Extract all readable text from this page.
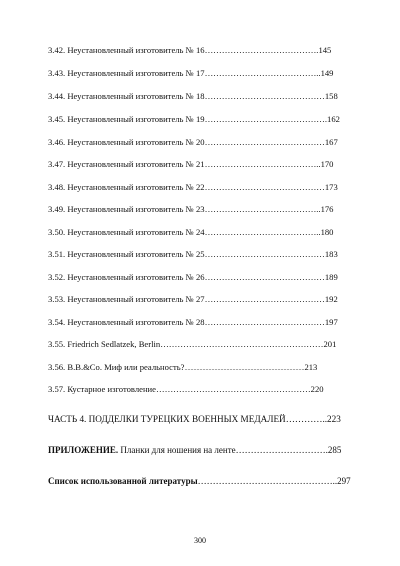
3.42. Неустановленный изготовитель № 16………………………………….145
3.43. Неустановленный изготовитель № 17…………………………………..149
3.44. Неустановленный изготовитель № 18……………………………………158
3.45. Неустановленный изготовитель № 19…………………………………….162
3.46. Неустановленный изготовитель № 20……………………………………167
3.47. Неустановленный изготовитель № 21…………………………………..170
3.48. Неустановленный изготовитель № 22……………………………………173
3.49. Неустановленный изготовитель № 23…………………………………..176
3.50. Неустановленный изготовитель № 24…………………………………..180
3.51. Неустановленный изготовитель № 25……………………………………183
3.52. Неустановленный изготовитель № 26……………………………………189
3.53. Неустановленный изготовитель № 27……………………………………192
3.54. Неустановленный изготовитель № 28……………………………………197
3.55. Friedrich Sedlatzek, Berlin…………………………………………………201
3.56. B.B.&Co. Миф или реальность?................................................................................213
3.57. Кустарное изготовление………………………………………………220
ЧАСТЬ 4. ПОДДЕЛКИ ТУРЕЦКИХ ВОЕННЫХ МЕДАЛЕЙ…………..223
ПРИЛОЖЕНИЕ. Планки для ношения на ленте………………………….285
Список использованной литературы………………………………………..297
300
